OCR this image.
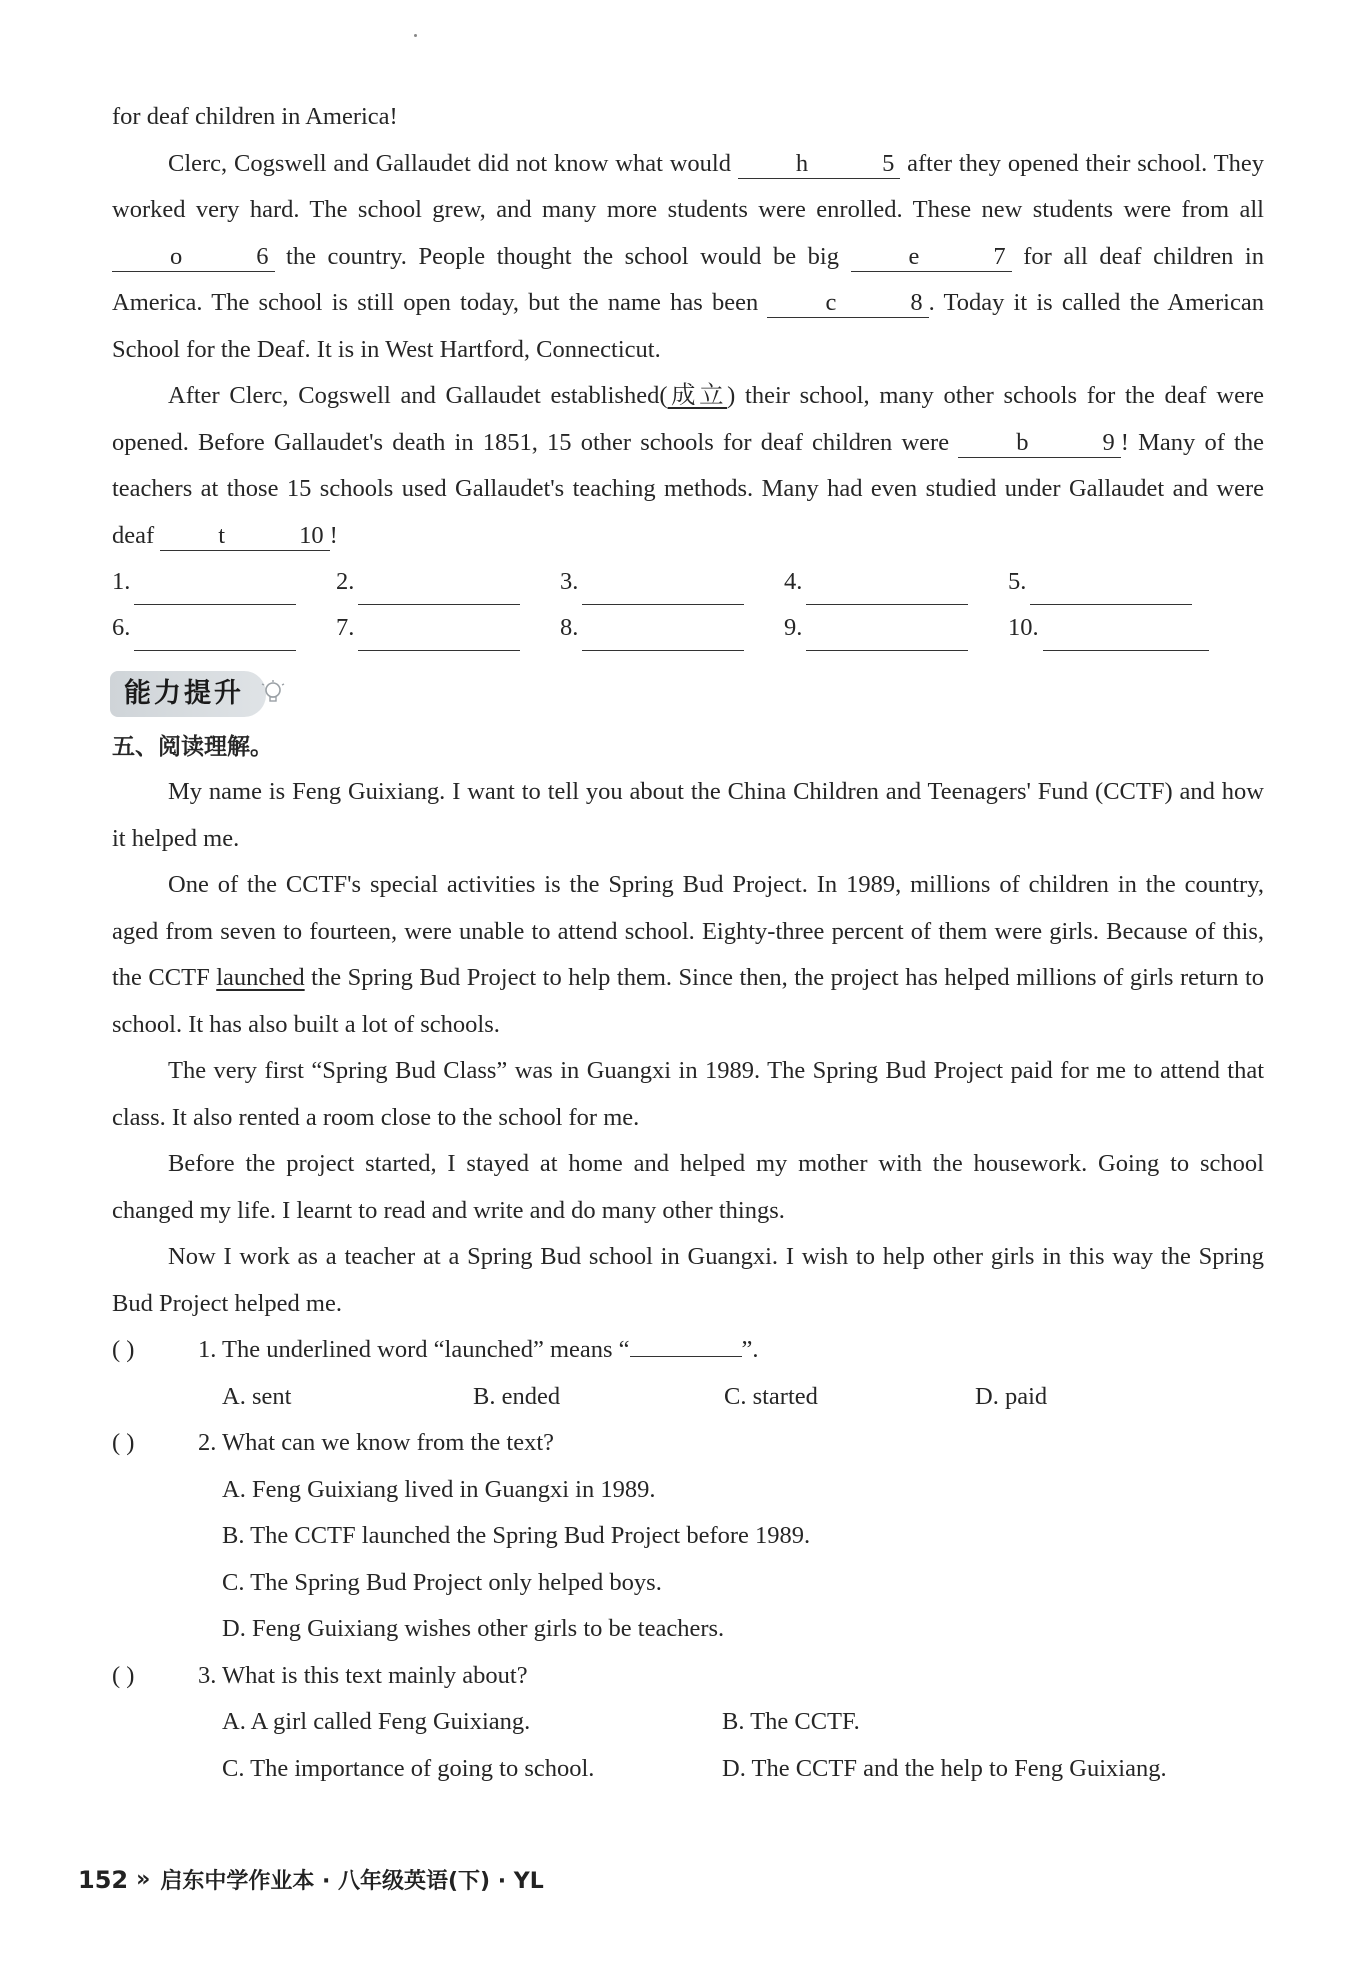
for deaf children in America!

Clerc, Cogswell and Gallaudet did not know what would h	5 after they opened their school. They worked very hard. The school grew, and many more students were enrolled. These new students were from all o	6 the country. People thought the school would be big e	7 for all deaf children in America. The school is still open today, but the name has been c	8 . Today it is called the American School for the Deaf. It is in West Hartford, Connecticut.

After Clerc, Cogswell and Gallaudet established(成立) their school, many other schools for the deaf were opened. Before Gallaudet's death in 1851, 15 other schools for deaf children were b	9 ! Many of the teachers at those 15 schools used Gallaudet's teaching methods. Many had even studied under Gallaudet and were deaf t	10 !

1.	2.	3.	4.	5.
6.	7.	8.	9.	10.
能力提升
五、阅读理解。

My name is Feng Guixiang. I want to tell you about the China Children and Teenagers' Fund (CCTF) and how it helped me.

One of the CCTF's special activities is the Spring Bud Project. In 1989, millions of children in the country, aged from seven to fourteen, were unable to attend school. Eighty-three percent of them were girls. Because of this, the CCTF launched the Spring Bud Project to help them. Since then, the project has helped millions of girls return to school. It has also built a lot of schools.

The very first “Spring Bud Class” was in Guangxi in 1989. The Spring Bud Project paid for me to attend that class. It also rented a room close to the school for me.

Before the project started, I stayed at home and helped my mother with the housework. Going to school changed my life. I learnt to read and write and do many other things.

Now I work as a teacher at a Spring Bud school in Guangxi. I wish to help other girls in this way the Spring Bud Project helped me.

( )	1. The underlined word “launched” means “	”.
A. sent	B. ended	C. started	D. paid
( )	2. What can we know from the text?
A. Feng Guixiang lived in Guangxi in 1989.
B. The CCTF launched the Spring Bud Project before 1989.
C. The Spring Bud Project only helped boys.
D. Feng Guixiang wishes other girls to be teachers.
( )	3. What is this text mainly about?
A. A girl called Feng Guixiang.	B. The CCTF.
C. The importance of going to school.	D. The CCTF and the help to Feng Guixiang.
152 » 启东中学作业本 · 八年级英语(下) · YL
